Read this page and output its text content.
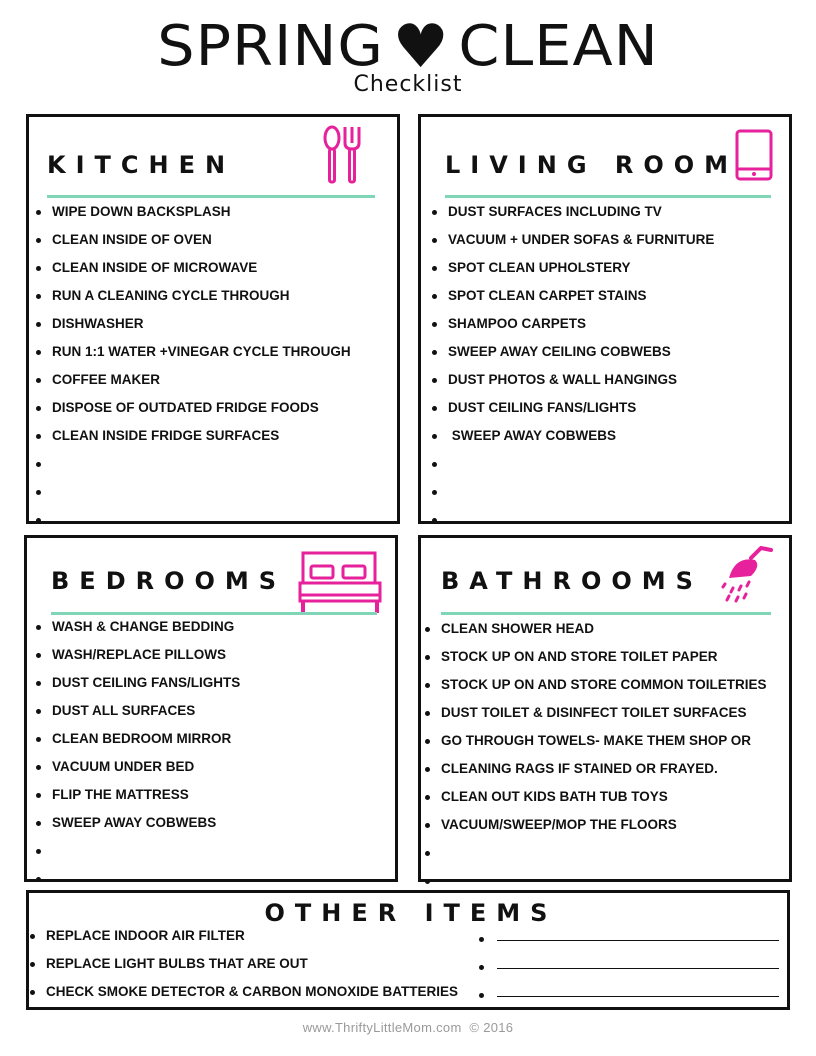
SPRING ♥ CLEAN
Checklist
KITCHEN
WIPE DOWN BACKSPLASH
CLEAN INSIDE OF OVEN
CLEAN INSIDE OF MICROWAVE
RUN A CLEANING CYCLE THROUGH
DISHWASHER
RUN 1:1 WATER +VINEGAR CYCLE THROUGH
COFFEE MAKER
DISPOSE OF OUTDATED FRIDGE FOODS
CLEAN INSIDE FRIDGE SURFACES
LIVING ROOM
DUST SURFACES INCLUDING TV
VACUUM + UNDER SOFAS & FURNITURE
SPOT CLEAN UPHOLSTERY
SPOT CLEAN CARPET STAINS
SHAMPOO CARPETS
SWEEP AWAY CEILING COBWEBS
DUST PHOTOS & WALL HANGINGS
DUST CEILING FANS/LIGHTS
SWEEP AWAY COBWEBS
BEDROOMS
WASH & CHANGE BEDDING
WASH/REPLACE PILLOWS
DUST CEILING FANS/LIGHTS
DUST ALL SURFACES
CLEAN BEDROOM MIRROR
VACUUM UNDER BED
FLIP THE MATTRESS
SWEEP AWAY COBWEBS
BATHROOMS
CLEAN SHOWER HEAD
STOCK UP ON AND STORE TOILET PAPER
STOCK UP ON AND STORE COMMON TOILETRIES
DUST TOILET & DISINFECT TOILET SURFACES
GO THROUGH TOWELS- MAKE THEM SHOP OR
CLEANING RAGS IF STAINED OR FRAYED.
CLEAN OUT KIDS BATH TUB TOYS
VACUUM/SWEEP/MOP THE FLOORS
OTHER ITEMS
REPLACE INDOOR AIR FILTER
REPLACE LIGHT BULBS THAT ARE OUT
CHECK SMOKE DETECTOR & CARBON MONOXIDE BATTERIES
www.ThriftyLittleMom.com  © 2016
